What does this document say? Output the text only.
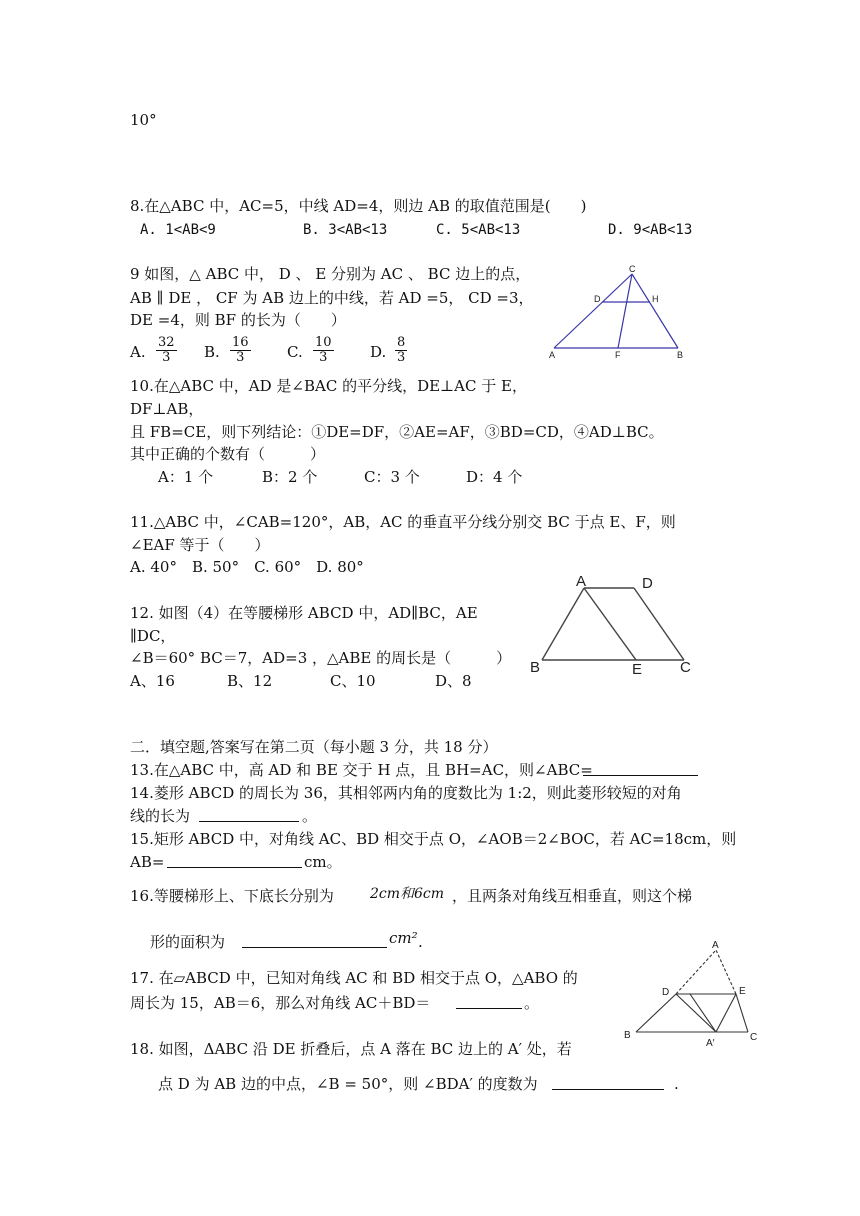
10°
8.在△ABC 中，AC=5，中线 AD=4，则边 AB 的取值范围是(　　)
A. 1<AB<9	B. 3<AB<13	C. 5<AB<13	D. 9<AB<13
9 如图，△ ABC 中， D 、 E 分别为 AC 、 BC 边上的点，
AB ∥ DE ， CF 为 AB 边上的中线，若 AD =5， CD =3，
DE =4，则 BF 的长为（　　）
A. $\frac{32}{3} B$. $\frac{16}{3} C$. $\frac{10}{3} D$. $\frac{8}{3}$
C
D	H
A	F	B
10.在△ABC 中，AD 是∠BAC 的平分线，DE⊥AC 于 E，
DF⊥AB，
且 FB=CE，则下列结论：①DE=DF，②AE=AF，③BD=CD，④AD⊥BC。
其中正确的个数有（　　　）
A：1 个	B：2 个	C：3 个	D：4 个
11.△ABC 中，∠CAB=120°，AB，AC 的垂直平分线分别交 BC 于点 E、F，则
∠EAF 等于（　　）
A. 40°　B. 50°　C. 60°　D. 80°
12. 如图（4）在等腰梯形 ABCD 中，AD∥BC，AE
∥DC，
∠B＝60° BC＝7，AD=3 ，△ABE 的周长是（　　　）
A、16	B、12	C、10	D、8
A	D
B	E	C
二．填空题,答案写在第二页（每小题 3 分，共 18 分）
13.在△ABC 中，高 AD 和 BE 交于 H 点，且 BH=AC，则∠ABC=
14.菱形 ABCD 的周长为 36，其相邻两内角的度数比为 1:2，则此菱形较短的对角
线的长为	。
15.矩形 ABCD 中，对角线 AC、BD 相交于点 O，∠AOB＝2∠BOC，若 AC=18cm，则
AB=	cm。
16.等腰梯形上、下底长分别为	2cm和6cm ，且两条对角线互相垂直，则这个梯
形的面积为	cm² .
17. 在▱ABCD 中，已知对角线 AC 和 BD 相交于点 O，△ABO 的
周长为 15，AB＝6，那么对角线 AC＋BD＝	。
18. 如图，ΔABC 沿 DE 折叠后，点 A 落在 BC 边上的 A′ 处，若
点 D 为 AB 边的中点，∠B = 50°，则 ∠BDA′ 的度数为	.
A
D	E
B
A′
C
